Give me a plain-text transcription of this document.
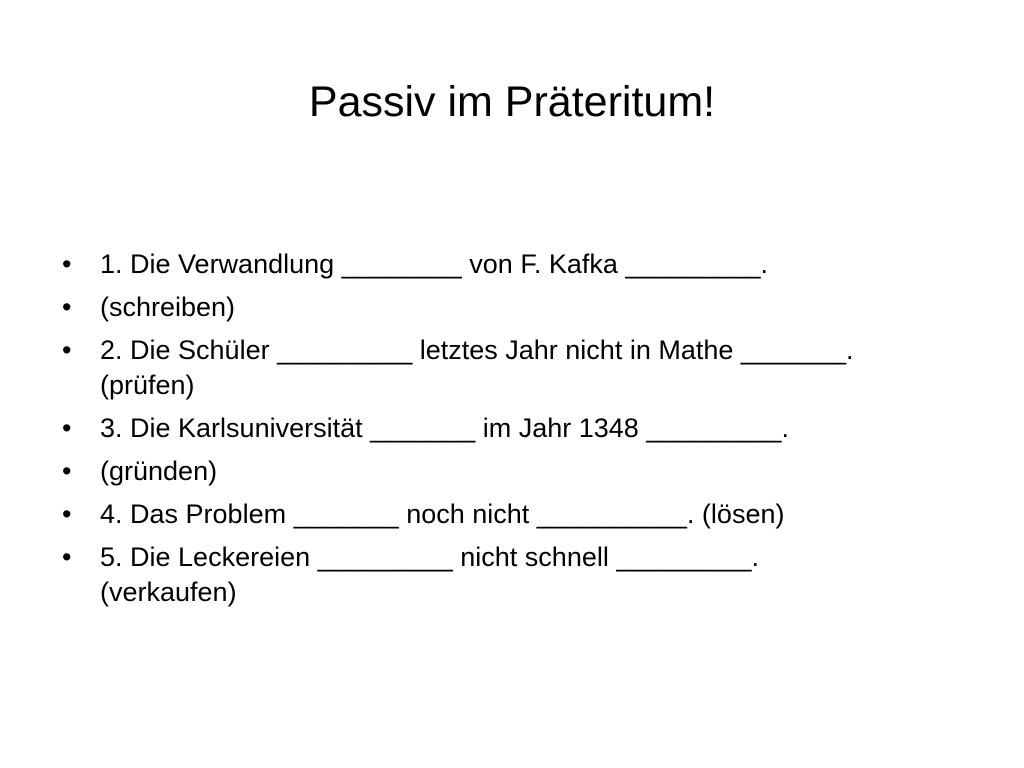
Passiv im Präteritum!
•	1. Die Verwandlung ________ von F. Kafka _________.
•	(schreiben)
•	2. Die Schüler _________ letztes Jahr nicht in Mathe _______. (prüfen)
•	3. Die Karlsuniversität _______ im Jahr 1348 _________.
•	(gründen)
•	4. Das Problem _______ noch nicht __________. (lösen)
•	5. Die Leckereien _________ nicht schnell _________. (verkaufen)
